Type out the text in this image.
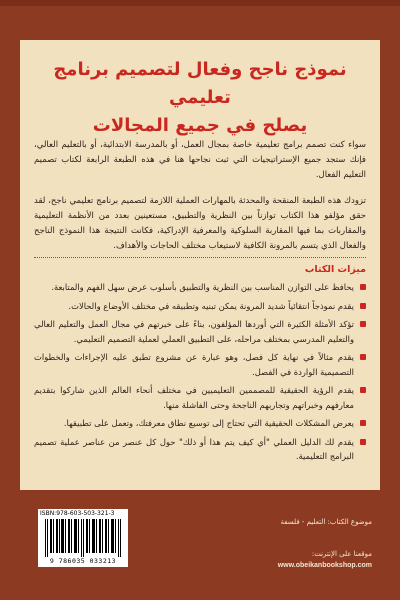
نموذج ناجح وفعال لتصميم برنامج تعليمي
يصلح في جميع المجالات
سواء كنت تصمم برامج تعليمية خاصة بمجال العمل، أو بالمدرسة الابتدائية، أو بالتعليم العالي، فإنك ستجد جميع الإستراتيجيات التي ثبت نجاحها هنا في هذه الطبعة الرابعة لكتاب تصميم التعليم الفعال.
تزودك هذه الطبعة المنقحة والمحدثة بالمهارات العملية اللازمة لتصميم برنامج تعليمي ناجح، لقد حقق مؤلفو هذا الكتاب توازناً بين النظرية والتطبيق، مستعينين بعدد من الأنظمة التعليمية والمقاربات بما فيها المقاربة السلوكية والمعرفية الإدراكية، فكانت النتيجة هذا النموذج الناجح والفعال الذي يتسم بالمرونة الكافية لاستيعاب مختلف الحاجات والأهداف.
ميزات الكتاب
يحافظ على التوازن المناسب بين النظرية والتطبيق بأسلوب عرض سهل الفهم والمتابعة.
يقدم نموذجاً انتقائياً شديد المرونة يمكن تبنيه وتطبيقه في مختلف الأوضاع والحالات.
تؤكد الأمثلة الكثيرة التي أوردها المؤلفون، بناءً على خبرتهم في مجال العمل والتعليم العالي والتعليم المدرسي بمختلف مراحله، على التطبيق العملي لعملية التصميم التعليمي.
يقدم مثالاً في نهاية كل فصل، وهو عبارة عن مشروع تطبق عليه الإجراءات والخطوات التصميمية الواردة في الفصل.
يقدم الرؤية الحقيقية للمصممين التعليميين في مختلف أنحاء العالم الذين شاركوا بتقديم معارفهم وخبراتهم وتجاربهم الناجحة وحتى الفاشلة منها.
يعرض المشكلات الحقيقية التي تحتاج إلى توسيع نطاق معرفتك، وتعمل على تطبيقها.
يقدم لك الدليل العملي "أي كيف يتم هذا أو ذلك" حول كل عنصر من عناصر عملية تصميم البرامج التعليمية.
ISBN:978-603-503-321-3
9 786035 033213
موضوع الكتاب: التعليم - فلسفة
موقعنا على الإنترنت:
www.obeikanbookshop.com
